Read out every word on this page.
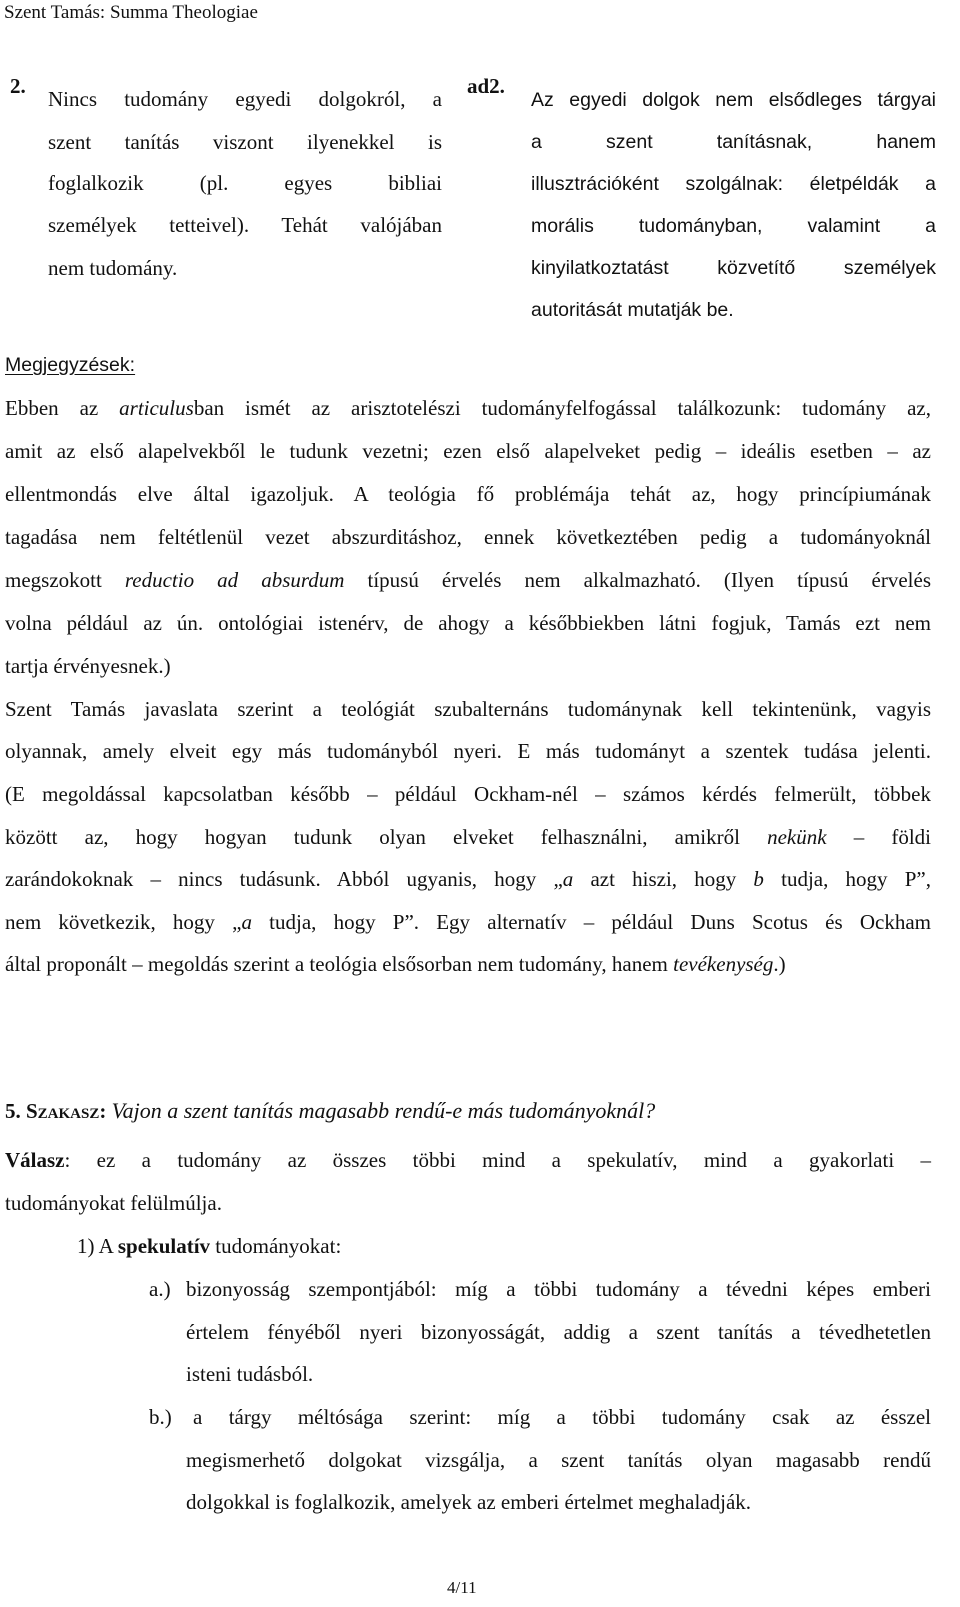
Szent Tamás: Summa Theologiae
2.
Nincs tudomány egyedi dolgokról, a
szent tanítás viszont ilyenekkel is
foglalkozik (pl. egyes bibliai
személyek tetteivel). Tehát valójában
nem tudomány.
ad2.
Az egyedi dolgok nem elsődleges tárgyai
a szent tanításnak, hanem
illusztrációként szolgálnak: életpéldák a
morális tudományban, valamint a
kinyilatkoztatást közvetítő személyek
autoritását mutatják be.
Megjegyzések:
Ebben az articulusban ismét az arisztotelészi tudományfelfogással találkozunk: tudomány az,
amit az első alapelvekből le tudunk vezetni; ezen első alapelveket pedig – ideális esetben – az
ellentmondás elve által igazoljuk. A teológia fő problémája tehát az, hogy princípiumának
tagadása nem feltétlenül vezet abszurditáshoz, ennek következtében pedig a tudományoknál
megszokott reductio ad absurdum típusú érvelés nem alkalmazható. (Ilyen típusú érvelés
volna például az ún. ontológiai istenérv, de ahogy a későbbiekben látni fogjuk, Tamás ezt nem
tartja érvényesnek.)
Szent Tamás javaslata szerint a teológiát szubalternáns tudománynak kell tekintenünk, vagyis
olyannak, amely elveit egy más tudományból nyeri. E más tudományt a szentek tudása jelenti.
(E megoldással kapcsolatban később – például Ockham-nél – számos kérdés felmerült, többek
között az, hogy hogyan tudunk olyan elveket felhasználni, amikről nekünk – földi
zarándokoknak – nincs tudásunk. Abból ugyanis, hogy „a azt hiszi, hogy b tudja, hogy P”,
nem következik, hogy „a tudja, hogy P”. Egy alternatív – például Duns Scotus és Ockham
által proponált – megoldás szerint a teológia elsősorban nem tudomány, hanem tevékenység.)
5. Szakasz: Vajon a szent tanítás magasabb rendű-e más tudományoknál?
Válasz: ez a tudomány az összes többi mind a spekulatív, mind a gyakorlati –
tudományokat felülmúlja.
1) A spekulatív tudományokat:
a.) bizonyosság szempontjából: míg a többi tudomány a tévedni képes emberi
értelem fényéből nyeri bizonyosságát, addig a szent tanítás a tévedhetetlen
isteni tudásból.
b.) a tárgy méltósága szerint: míg a többi tudomány csak az ésszel
megismerhető dolgokat vizsgálja, a szent tanítás olyan magasabb rendű
dolgokkal is foglalkozik, amelyek az emberi értelmet meghaladják.
4/11
